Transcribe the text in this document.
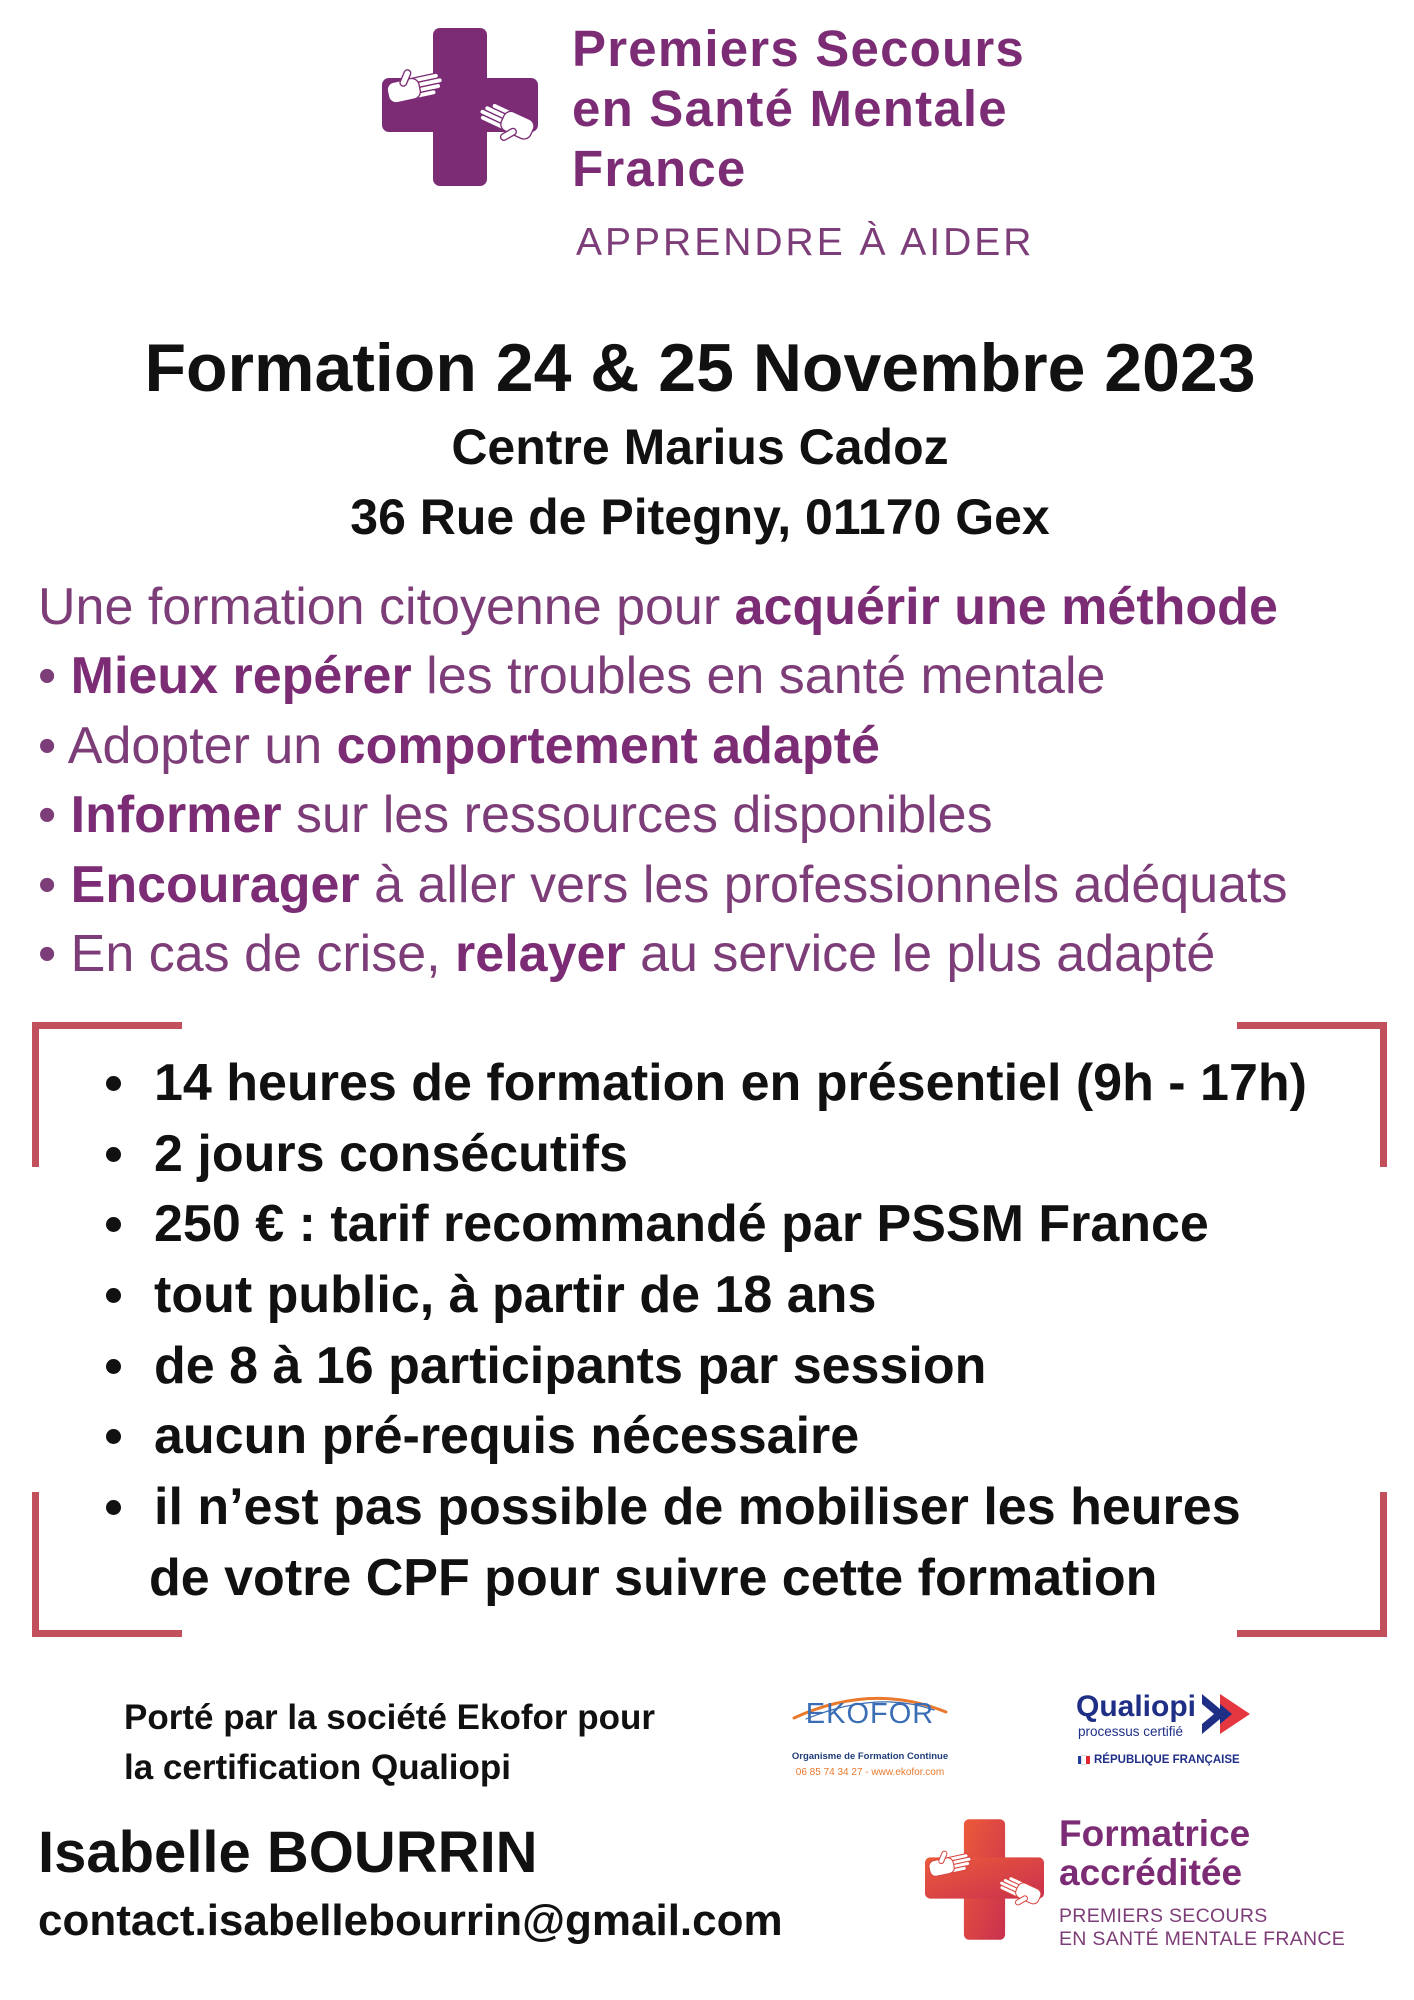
Premiers Secours
en Santé Mentale
France
APPRENDRE À AIDER
Formation 24 & 25 Novembre 2023
Centre Marius Cadoz
36 Rue de Pitegny, 01170 Gex
Une formation citoyenne pour acquérir une méthode
• Mieux repérer les troubles en santé mentale
• Adopter un comportement adapté
• Informer sur les ressources disponibles
• Encourager à aller vers les professionnels adéquats
• En cas de crise, relayer au service le plus adapté
14 heures de formation en présentiel (9h - 17h)
2 jours consécutifs
250 € : tarif recommandé par PSSM France
tout public, à partir de 18 ans
de 8 à 16 participants par session
aucun pré-requis nécessaire
il n’est pas possible de mobiliser les heures
de votre CPF pour suivre cette formation
Porté par la société Ekofor pour
la certification Qualiopi
EKOFOR
Organisme de Formation Continue
06 85 74 34 27 - www.ekofor.com
Qualiopi
processus certifié
RÉPUBLIQUE FRANÇAISE
Isabelle BOURRIN
contact.isabellebourrin@gmail.com
Formatrice
accréditée
PREMIERS SECOURS
EN SANTÉ MENTALE FRANCE
